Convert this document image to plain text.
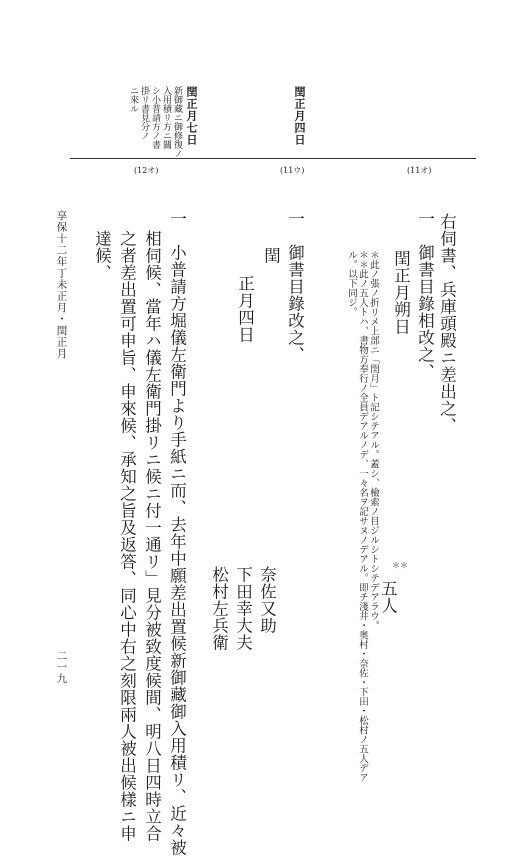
閏正月四日
閏正月七日
新御藏ニ御修復ノ
入用積リ方ニ關
シ小普請方ノ書
掛リ書見分ノ
ニ來ル
(11オ)
(11ウ)
(12オ)
右伺書、兵庫頭殿ニ差出之、
一　御書目錄相改之、
閏正月朔日
＊此ノ張ノ折リメ上部ニ「閏月」ト記シテアル。蓋シ、檢索ノ目ジルシトシテデアラウ。
＊＊此ノ五人トハ、書物方奉行ノ全員デアルノデ、一々名ヲ記サヌノデアル。即チ淺井・奥村・奈佐・下田・松村ノ五人デア
ル。以下同ジ。
＊＊
五人
奈佐又助
下田幸大夫
松村左兵衛
一　御書目錄改之、
閏
正月四日
一　小普請方堀儀左衛門より手紙ニ而、去年中願差出置候新御藏御入用積リ、近々被
相伺候、當年ハ儀左衛門掛リニ候ニ付一通リ」見分被致度候間、明八日四時立合
之者差出置可申旨、申來候、承知之旨及返答、同心中右之刻限兩人被出候樣ニ申
達候、
享保十二年丁未正月・閏正月
二一九
